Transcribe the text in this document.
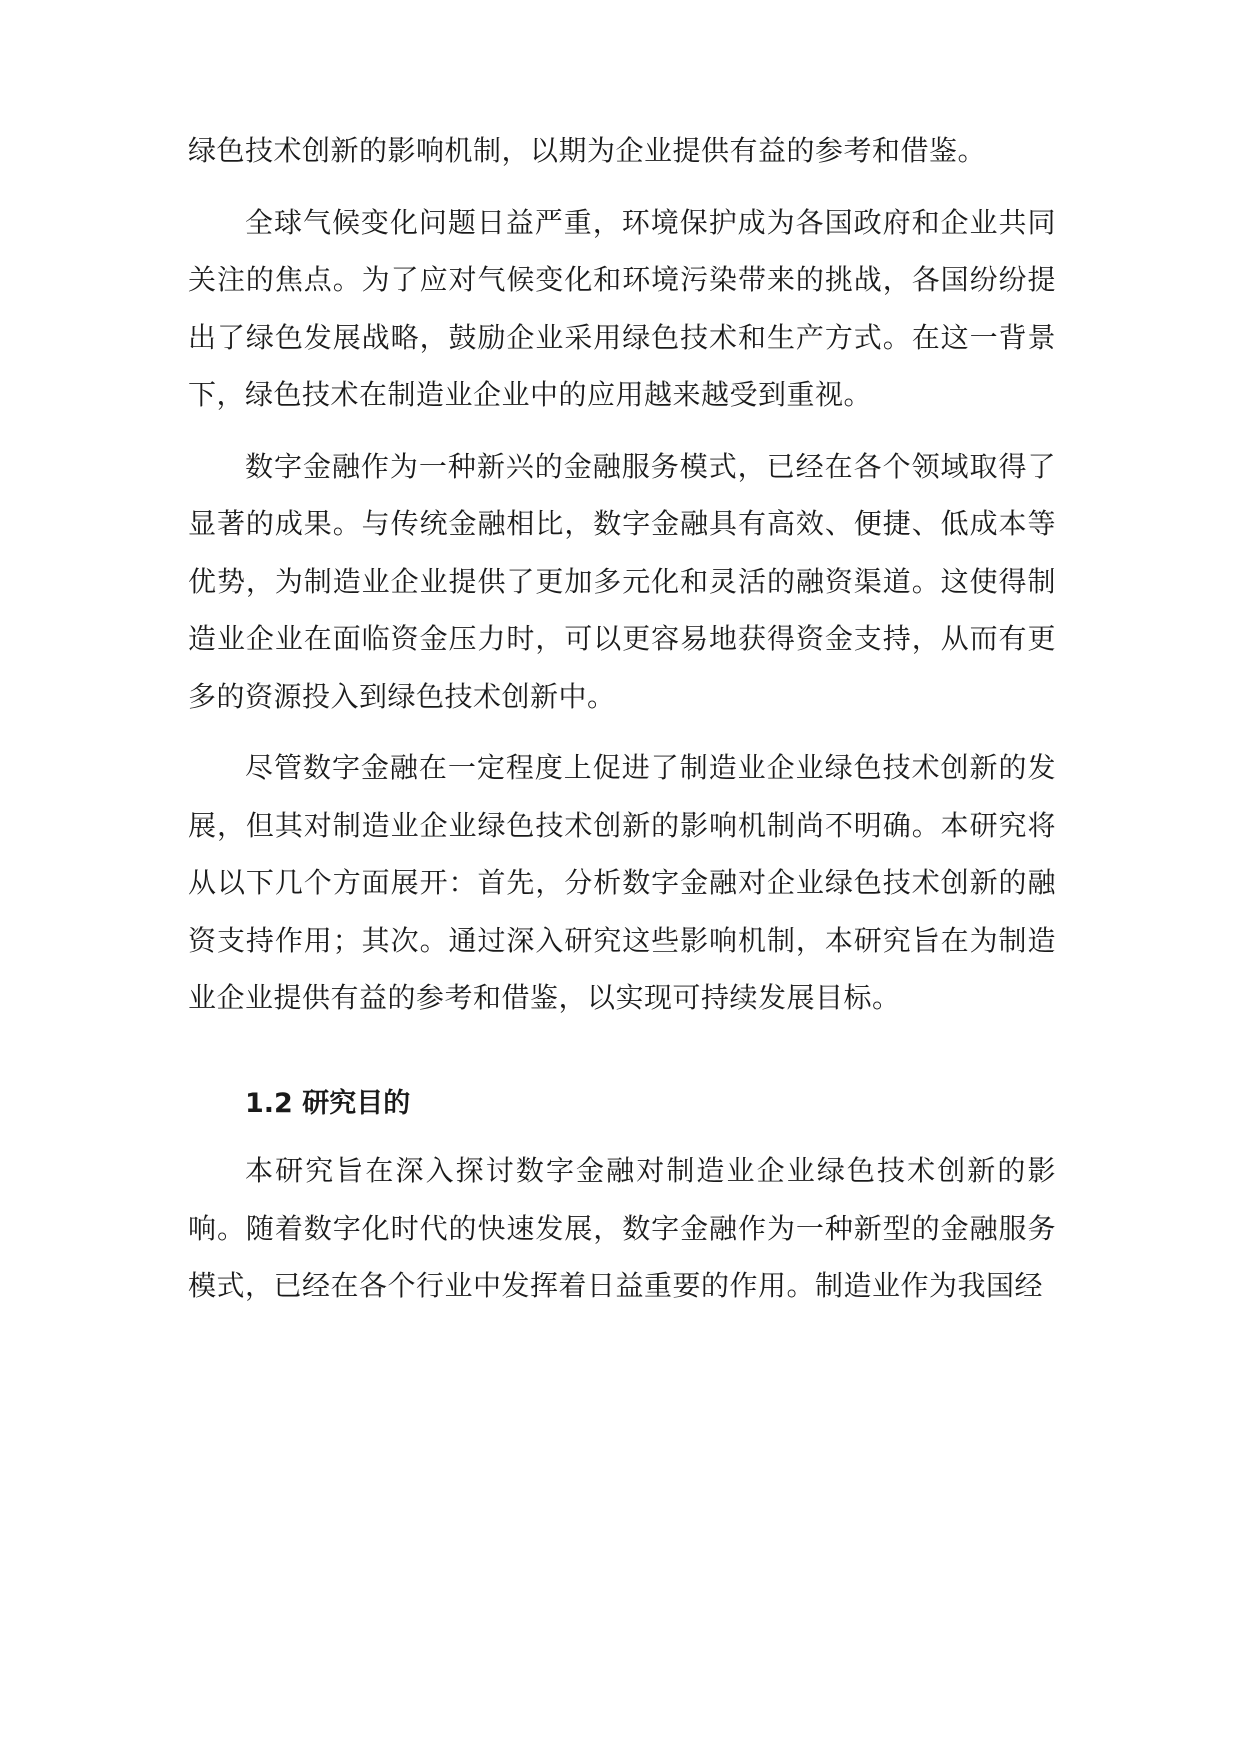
绿色技术创新的影响机制，以期为企业提供有益的参考和借鉴。

全球气候变化问题日益严重，环境保护成为各国政府和企业共同关注的焦点。为了应对气候变化和环境污染带来的挑战，各国纷纷提出了绿色发展战略，鼓励企业采用绿色技术和生产方式。在这一背景下，绿色技术在制造业企业中的应用越来越受到重视。

数字金融作为一种新兴的金融服务模式，已经在各个领域取得了显著的成果。与传统金融相比，数字金融具有高效、便捷、低成本等优势，为制造业企业提供了更加多元化和灵活的融资渠道。这使得制造业企业在面临资金压力时，可以更容易地获得资金支持，从而有更多的资源投入到绿色技术创新中。

尽管数字金融在一定程度上促进了制造业企业绿色技术创新的发展，但其对制造业企业绿色技术创新的影响机制尚不明确。本研究将从以下几个方面展开：首先，分析数字金融对企业绿色技术创新的融资支持作用；其次。通过深入研究这些影响机制，本研究旨在为制造业企业提供有益的参考和借鉴，以实现可持续发展目标。

1.2 研究目的

本研究旨在深入探讨数字金融对制造业企业绿色技术创新的影响。随着数字化时代的快速发展，数字金融作为一种新型的金融服务模式，已经在各个行业中发挥着日益重要的作用。制造业作为我国经
